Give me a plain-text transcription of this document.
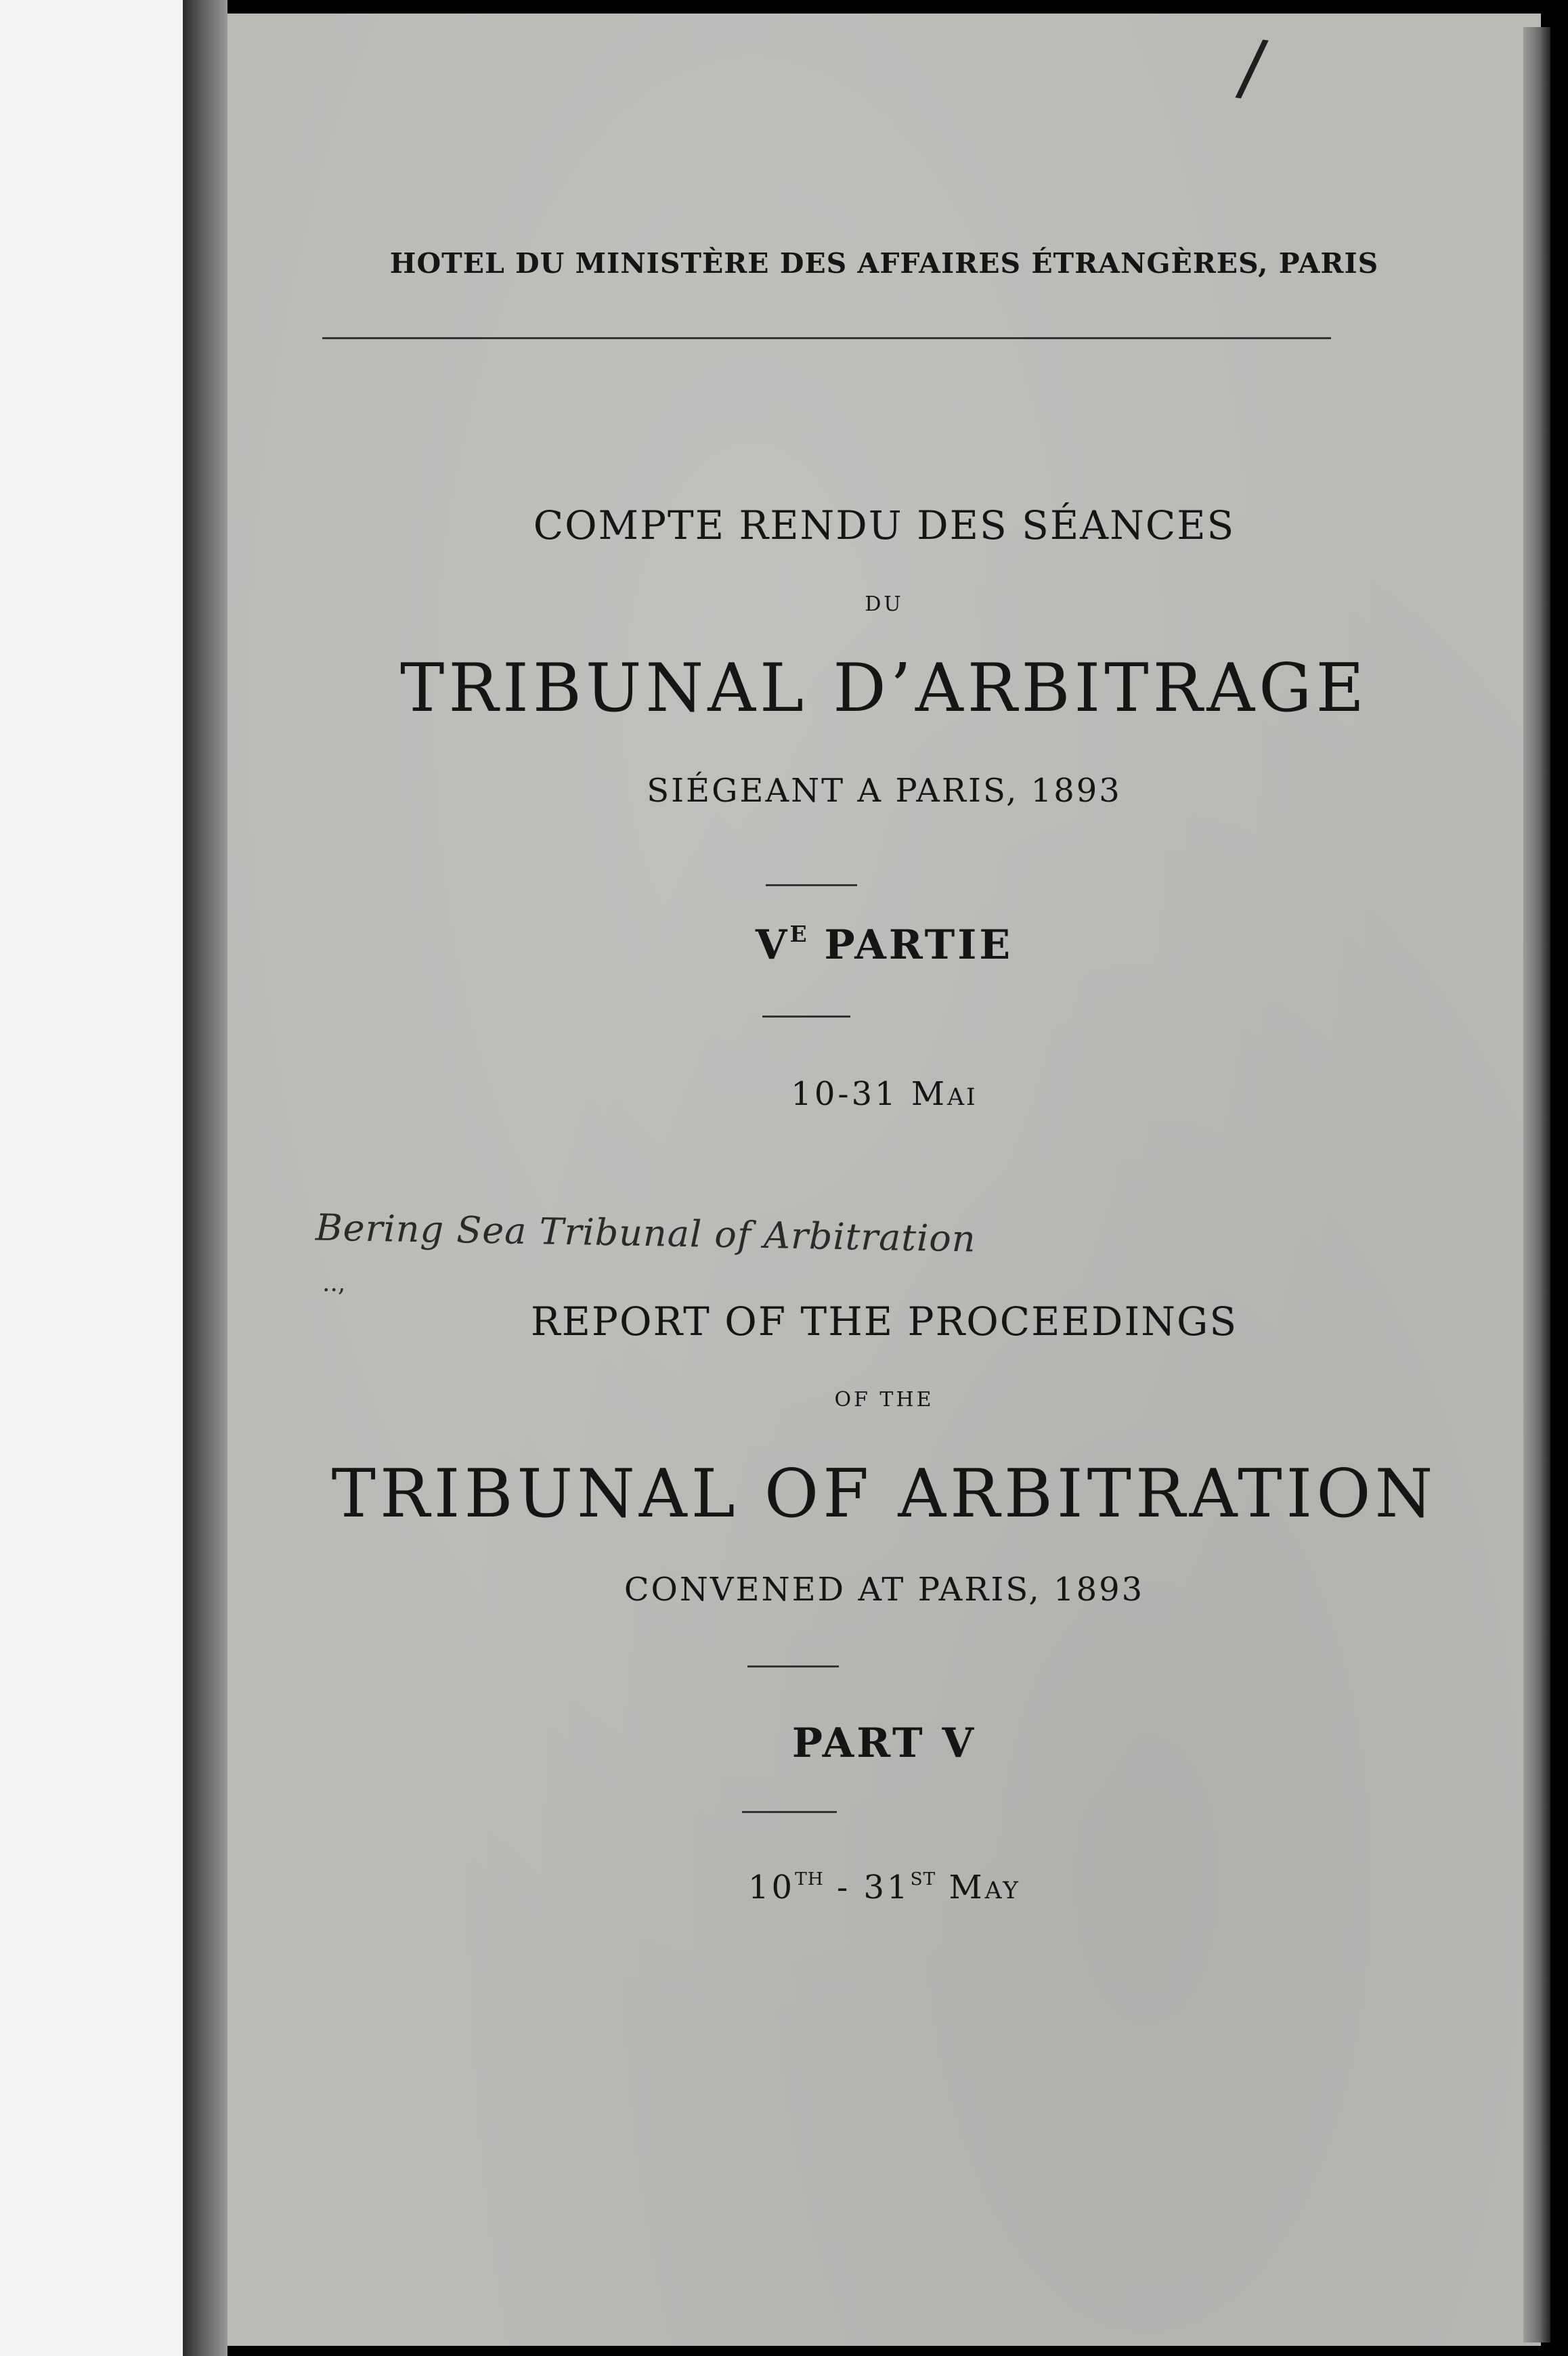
/

HOTEL DU MINISTÈRE DES AFFAIRES ÉTRANGÈRES, PARIS

COMPTE RENDU DES SÉANCES

DU

TRIBUNAL D’ARBITRAGE

SIÉGEANT A PARIS, 1893

$V^E$ PARTIE

10-31 MAI

REPORT OF THE PROCEEDINGS

OF THE

TRIBUNAL OF ARBITRATION

CONVENED AT PARIS, 1893

PART V

10TH - 31ST MAY

Bering Sea Tribunal of Arbitration
..,
